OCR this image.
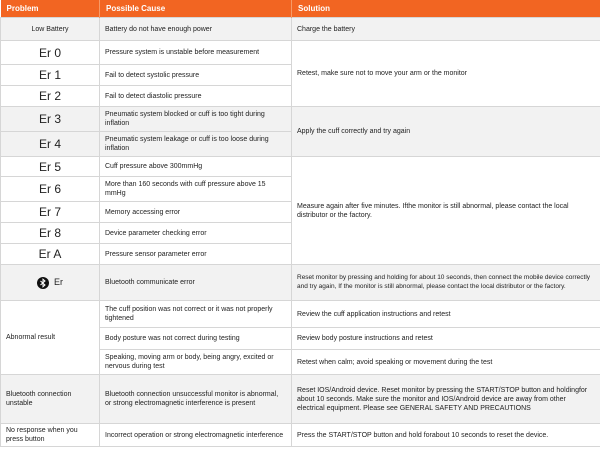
Problem	Possible Cause	Solution
Low Battery	Battery do not have enough power	Charge the battery
Er 0	Pressure system is unstable before measurement	Retest, make sure not to move your arm or the monitor
Er 1	Fail to detect systolic pressure	
Er 2	Fail to detect diastolic pressure	
Er 3	Pneumatic system blocked or cuff is too tight during inflation	Apply the cuff correctly and try again
Er 4	Pneumatic system leakage or cuff is too loose during inflation	
Er 5	Cuff pressure above 300mmHg	Measure again after five minutes. Ifthe monitor is still abnormal, please contact the local distributor or the factory.
Er 6	More than 160 seconds with cuff pressure above 15 mmHg	
Er 7	Memory accessing error	
Er 8	Device parameter checking error	
Er A	Pressure sensor parameter error	

Er	Bluetooth communicate error	Reset monitor by pressing and holding for about 10 seconds, then connect the mobile device correctly and try again, If the monitor is still abnormal, please contact the local distributor or the factory.
Abnormal result	The cuff position was not correct or it was not properly tightened	Review the cuff application instructions and retest
	Body posture was not correct during testing	Review body posture instructions and retest
	Speaking, moving arm or body, being angry, excited or nervous during test	Retest when calm; avoid speaking or movement during the test
Bluetooth connection unstable	Bluetooth connection unsuccessful monitor is abnormal, or strong electromagnetic interference is present	Reset IOS/Android device. Reset monitor by pressing the START/STOP button and holdingfor about 10 seconds. Make sure the monitor and IOS/Android device are away from other electrical equipment. Please see GENERAL SAFETY AND PRECAUTIONS
No response when you press button	Incorrect operation or strong electromagnetic interference	Press the START/STOP button and hold forabout 10 seconds to reset the device.
